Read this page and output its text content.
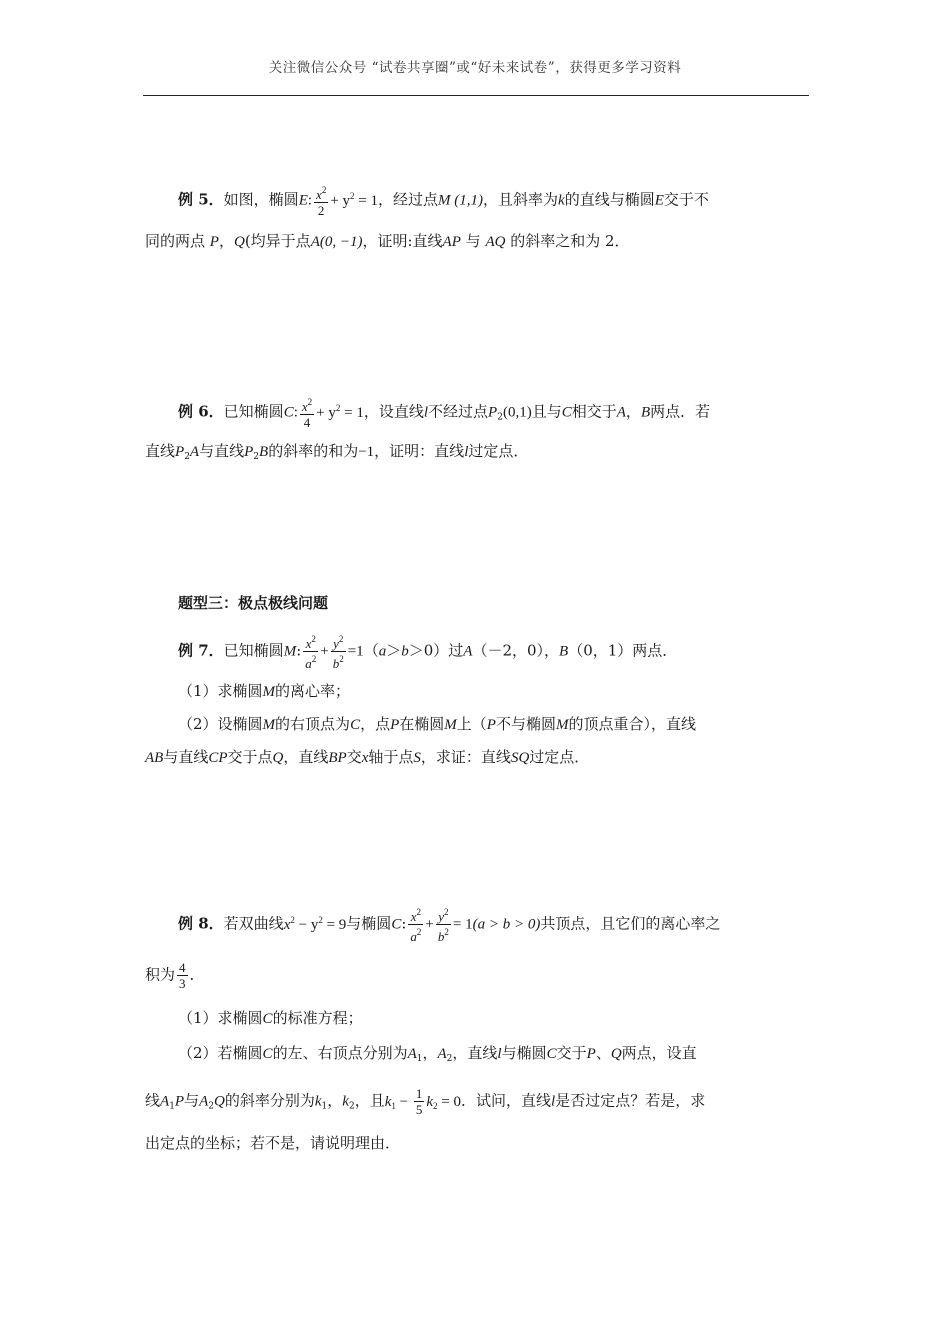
关注微信公众号 “试卷共享圈”或“好未来试卷”，获得更多学习资料
例 5．如图，椭圆E: $\frac{x^2}{2} + y^2 = 1$，经过点M (1,1)，且斜率为k的直线与椭圆E交于不
同的两点 P，Q(均异于点A(0, −1)，证明:直线AP 与 AQ 的斜率之和为 2．
例 6．已知椭圆C: $\frac{x^2}{4} + y^2 = 1$，设直线l不经过点$P_2(0,1)$且与C相交于A，B两点．若
直线$P_2A$与直线$P_2B$的斜率的和为−1，证明：直线l过定点．
题型三：极点极线问题
例 7．已知椭圆M: $\frac{x^2}{a^2} + \frac{y^2}{b^2} =1(a>b>0)$过A（－2，0），B（0，1）两点．
（1）求椭圆M的离心率；
（2）设椭圆M的右顶点为C，点P在椭圆M上（P不与椭圆M的顶点重合），直线
AB与直线CP交于点Q，直线BP交x轴于点S，求证：直线SQ过定点．
例 8．若双曲线$x^2 - y^2 = 9$与椭圆C: $\frac{x^2}{a^2} + \frac{y^2}{b^2} = 1(a > b > 0)$共顶点，且它们的离心率之
积为 $\frac{4}{3}$ ．
（1）求椭圆C的标准方程；
（2）若椭圆C的左、右顶点分别为$A_1$，$A_2$，直线l与椭圆C交于P、Q两点，设直
线$A_1P$与$A_2Q$的斜率分别为$k_1$，$k_2$，且$k_1 - \frac{1}{5} k_2 = 0$．试问，直线l是否过定点？若是，求
出定点的坐标；若不是，请说明理由．
